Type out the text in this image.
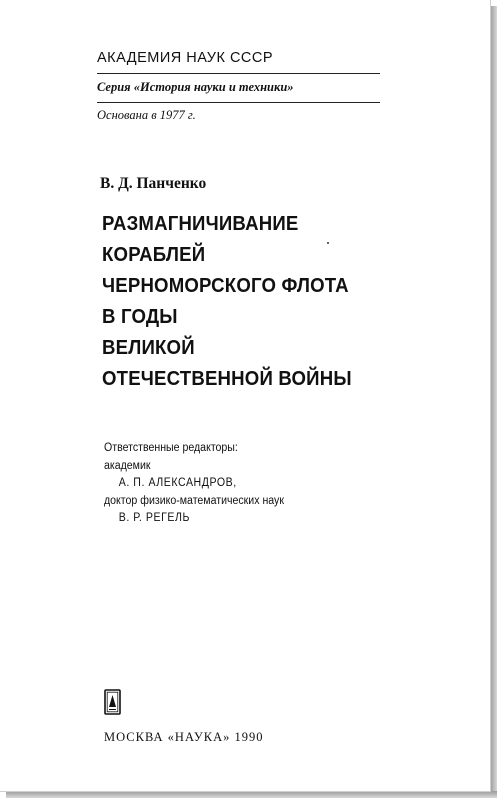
АКАДЕМИЯ НАУК СССР
Серия «История науки и техники»
Основана в 1977 г.
В. Д. Панченко
РАЗМАГНИЧИВАНИЕ
КОРАБЛЕЙ
ЧЕРНОМОРСКОГО ФЛОТА
В ГОДЫ
ВЕЛИКОЙ
ОТЕЧЕСТВЕННОЙ ВОЙНЫ
Ответственные редакторы:
академик
А. П. АЛЕКСАНДРОВ,
доктор физико-математических наук
В. Р. РЕГЕЛЬ
МОСКВА «НАУКА» 1990
